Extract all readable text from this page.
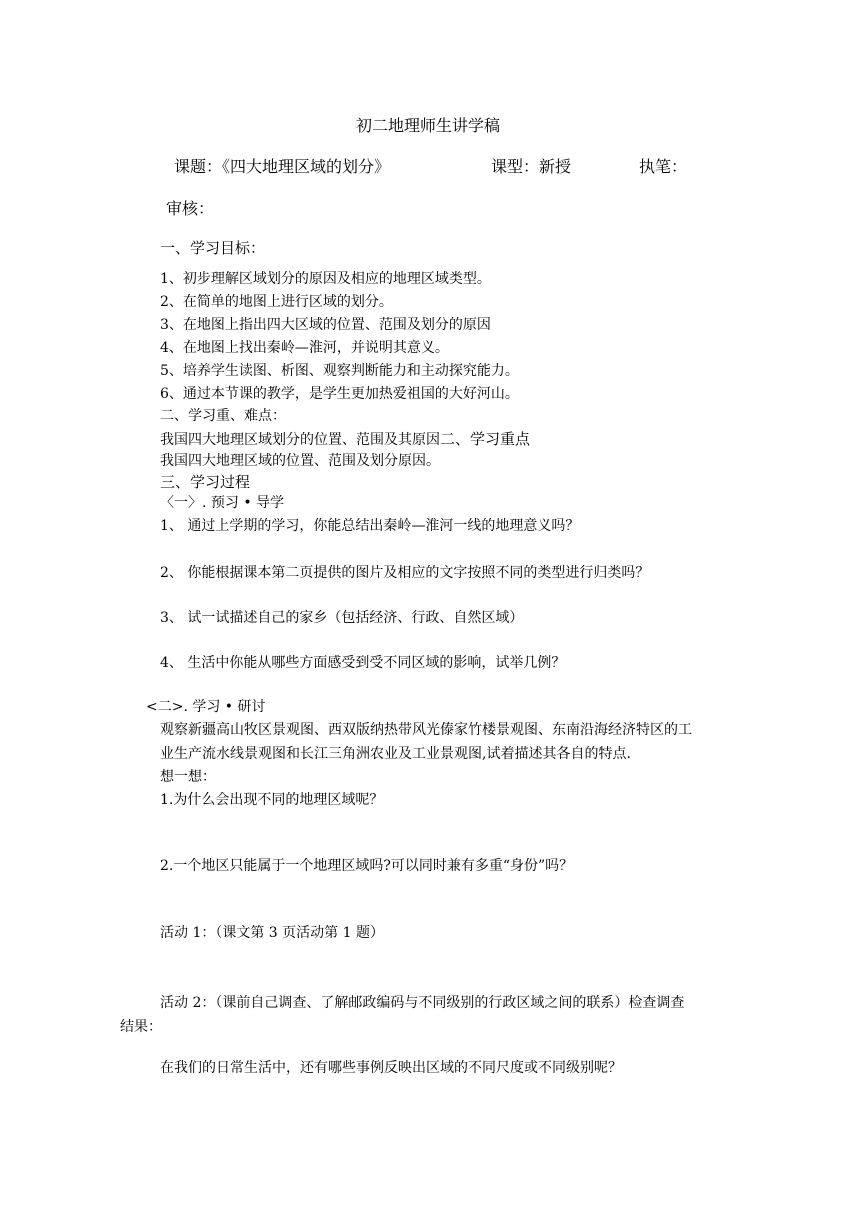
初二地理师生讲学稿
课题：《四大地理区域的划分》	课型：新授	执笔：
审核：
一、学习目标：
1、初步理解区域划分的原因及相应的地理区域类型。
2、在简单的地图上进行区域的划分。
3、在地图上指出四大区域的位置、范围及划分的原因
4、在地图上找出秦岭—淮河，并说明其意义。
5、培养学生读图、析图、观察判断能力和主动探究能力。
6、通过本节课的教学，是学生更加热爱祖国的大好河山。
二、学习重、难点：
我国四大地理区域划分的位置、范围及其原因二、学习重点
我国四大地理区域的位置、范围及划分原因。
三、学习过程
〈一〉. 预习 • 导学
1、 通过上学期的学习，你能总结出秦岭—淮河一线的地理意义吗？
2、 你能根据课本第二页提供的图片及相应的文字按照不同的类型进行归类吗？
3、 试一试描述自己的家乡（包括经济、行政、自然区域）
4、 生活中你能从哪些方面感受到受不同区域的影响，试举几例？
<二>. 学习 • 研讨
观察新疆高山牧区景观图、西双版纳热带风光傣家竹楼景观图、东南沿海经济特区的工
业生产流水线景观图和长江三角洲农业及工业景观图,试着描述其各自的特点.
想一想：
1.为什么会出现不同的地理区域呢？
2.一个地区只能属于一个地理区域吗?可以同时兼有多重“身份”吗？
活动 1：（课文第 3 页活动第 1 题）
活动 2：（课前自己调查、了解邮政编码与不同级别的行政区域之间的联系）检查调查
结果：
在我们的日常生活中，还有哪些事例反映出区域的不同尺度或不同级别呢？
